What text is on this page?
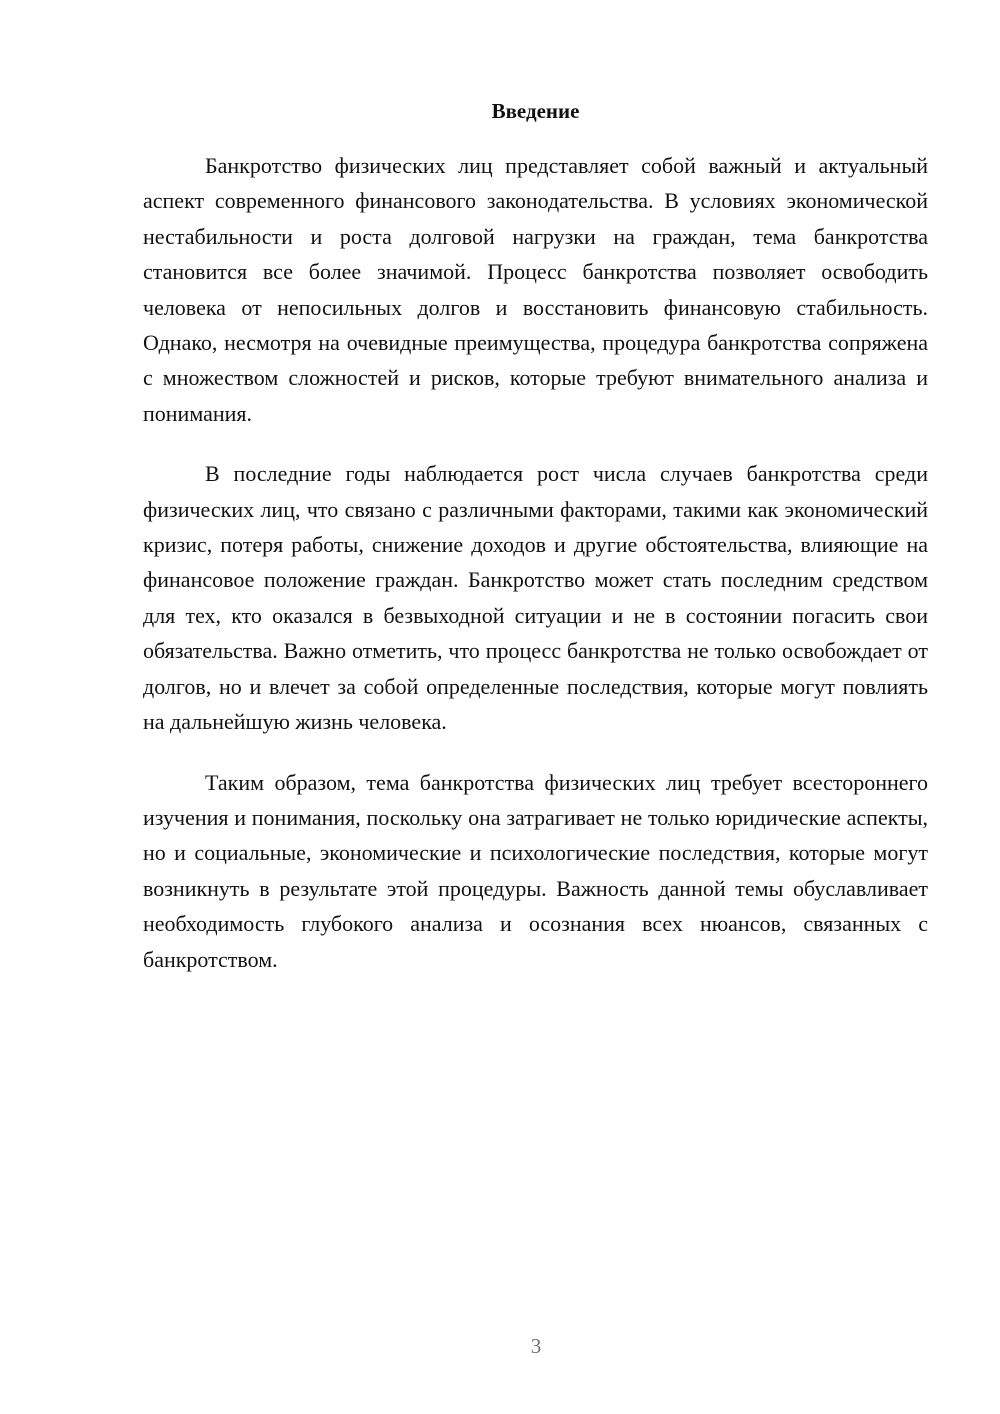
Введение

Банкротство физических лиц представляет собой важный и актуальный аспект современного финансового законодательства. В условиях экономической нестабильности и роста долговой нагрузки на граждан, тема банкротства становится все более значимой. Процесс банкротства позволяет освободить человека от непосильных долгов и восстановить финансовую стабильность. Однако, несмотря на очевидные преимущества, процедура банкротства сопряжена с множеством сложностей и рисков, которые требуют внимательного анализа и понимания.

В последние годы наблюдается рост числа случаев банкротства среди физических лиц, что связано с различными факторами, такими как экономический кризис, потеря работы, снижение доходов и другие обстоятельства, влияющие на финансовое положение граждан. Банкротство может стать последним средством для тех, кто оказался в безвыходной ситуации и не в состоянии погасить свои обязательства. Важно отметить, что процесс банкротства не только освобождает от долгов, но и влечет за собой определенные последствия, которые могут повлиять на дальнейшую жизнь человека.

Таким образом, тема банкротства физических лиц требует всестороннего изучения и понимания, поскольку она затрагивает не только юридические аспекты, но и социальные, экономические и психологические последствия, которые могут возникнуть в результате этой процедуры. Важность данной темы обуславливает необходимость глубокого анализа и осознания всех нюансов, связанных с банкротством.

3
